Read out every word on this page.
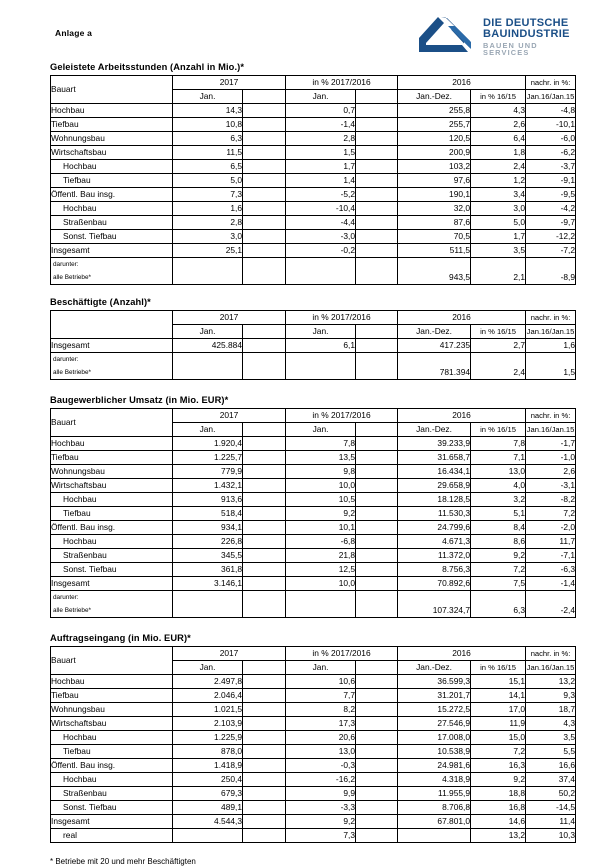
Anlage a
DIE DEUTSCHE
BAUINDUSTRIE
BAUEN UND SERVICES
Geleistete Arbeitsstunden (Anzahl in Mio.)*
Bauart	2017		in % 2017/2016		2016		nachr. in %:
	Jan.		Jan.		Jan.-Dez.	in % 16/15	Jan.16/Jan.15
Hochbau	14,3		0,7		255,8	4,3	-4,8
Tiefbau	10,8		-1,4		255,7	2,6	-10,1
Wohnungsbau	6,3		2,8		120,5	6,4	-6,0
Wirtschaftsbau	11,5		1,5		200,9	1,8	-6,2
Hochbau	6,5		1,7		103,2	2,4	-3,7
Tiefbau	5,0		1,4		97,6	1,2	-9,1
Öffentl. Bau insg.	7,3		-5,2		190,1	3,4	-9,5
Hochbau	1,6		-10,4		32,0	3,0	-4,2
Straßenbau	2,8		-4,4		87,6	5,0	-9,7
Sonst. Tiefbau	3,0		-3,0		70,5	1,7	-12,2
Insgesamt	25,1		-0,2		511,5	3,5	-7,2
darunter:							
alle Betriebe*					943,5	2,1	-8,9
Beschäftigte (Anzahl)*
	2017		in % 2017/2016		2016		nachr. in %:
	Jan.		Jan.		Jan.-Dez.	in % 16/15	Jan.16/Jan.15
Insgesamt	425.884		6,1		417.235	2,7	1,6
darunter:							
alle Betriebe*					781.394	2,4	1,5
Baugewerblicher Umsatz (in Mio. EUR)*
Bauart	2017		in % 2017/2016		2016		nachr. in %:
	Jan.		Jan.		Jan.-Dez.	in % 16/15	Jan.16/Jan.15
Hochbau	1.920,4		7,8		39.233,9	7,8	-1,7
Tiefbau	1.225,7		13,5		31.658,7	7,1	-1,0
Wohnungsbau	779,9		9,8		16.434,1	13,0	2,6
Wirtschaftsbau	1.432,1		10,0		29.658,9	4,0	-3,1
Hochbau	913,6		10,5		18.128,5	3,2	-8,2
Tiefbau	518,4		9,2		11.530,3	5,1	7,2
Öffentl. Bau insg.	934,1		10,1		24.799,6	8,4	-2,0
Hochbau	226,8		-6,8		4.671,3	8,6	11,7
Straßenbau	345,5		21,8		11.372,0	9,2	-7,1
Sonst. Tiefbau	361,8		12,5		8.756,3	7,2	-6,3
Insgesamt	3.146,1		10,0		70.892,6	7,5	-1,4
darunter:							
alle Betriebe*					107.324,7	6,3	-2,4
Auftragseingang (in Mio. EUR)*
Bauart	2017		in % 2017/2016		2016		nachr. in %:
	Jan.		Jan.		Jan.-Dez.	in % 16/15	Jan.16/Jan.15
Hochbau	2.497,8		10,6		36.599,3	15,1	13,2
Tiefbau	2.046,4		7,7		31.201,7	14,1	9,3
Wohnungsbau	1.021,5		8,2		15.272,5	17,0	18,7
Wirtschaftsbau	2.103,9		17,3		27.546,9	11,9	4,3
Hochbau	1.225,9		20,6		17.008,0	15,0	3,5
Tiefbau	878,0		13,0		10.538,9	7,2	5,5
Öffentl. Bau insg.	1.418,9		-0,3		24.981,6	16,3	16,6
Hochbau	250,4		-16,2		4.318,9	9,2	37,4
Straßenbau	679,3		9,9		11.955,9	18,8	50,2
Sonst. Tiefbau	489,1		-3,3		8.706,8	16,8	-14,5
Insgesamt	4.544,3		9,2		67.801,0	14,6	11,4
real			7,3			13,2	10,3
* Betriebe mit 20 und mehr Beschäftigten
